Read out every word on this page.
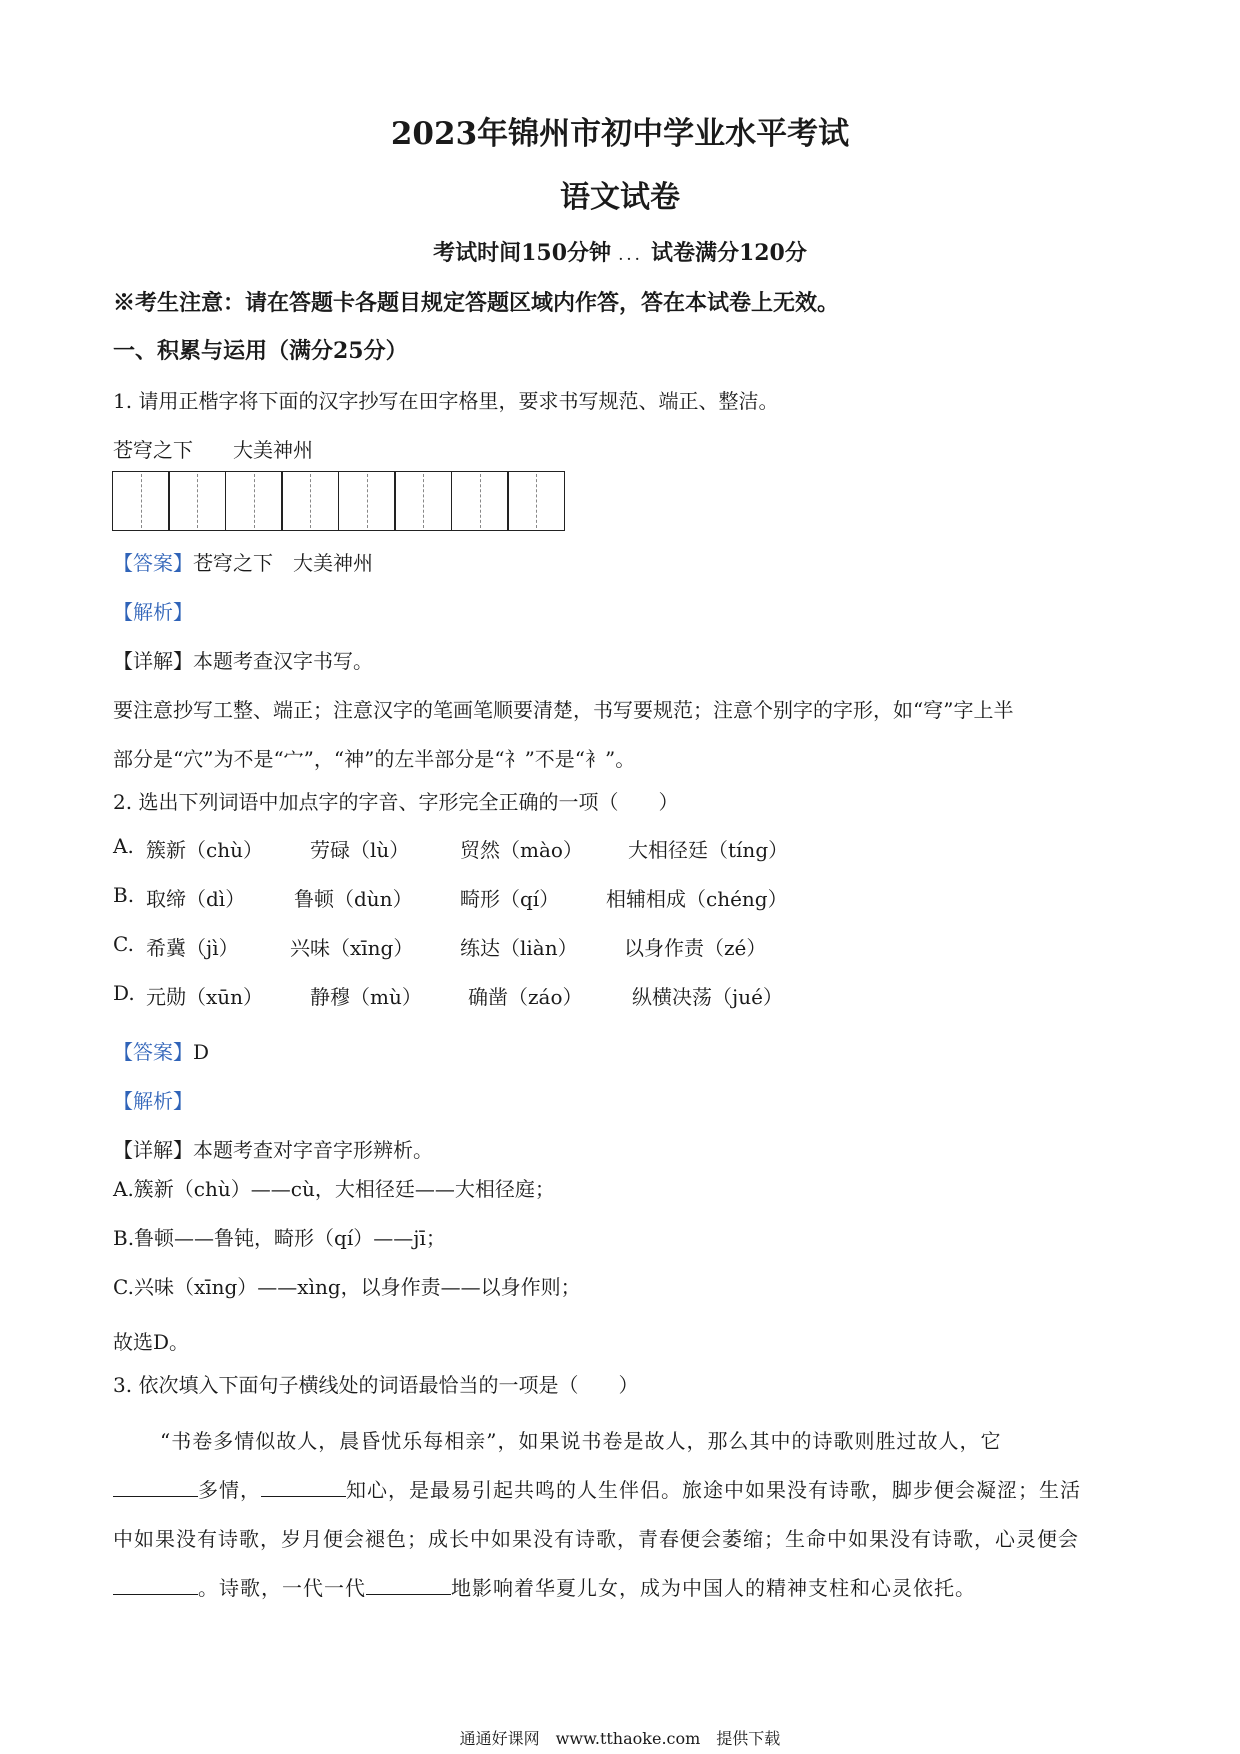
2023年锦州市初中学业水平考试
语文试卷
考试时间150分钟 ... 试卷满分120分
※考生注意：请在答题卡各题目规定答题区域内作答，答在本试卷上无效。
一、积累与运用（满分25分）
1. 请用正楷字将下面的汉字抄写在田字格里，要求书写规范、端正、整洁。
苍穹之下　　大美神州
【答案】苍穹之下　大美神州
【解析】
【详解】本题考查汉字书写。
要注意抄写工整、端正；注意汉字的笔画笔顺要清楚，书写要规范；注意个别字的字形，如“穹”字上半
部分是“穴”为不是“宀”，“神”的左半部分是“礻”不是“衤”。
2. 选出下列词语中加点字的字音、字形完全正确的一项（　　）
A. 簇新（chù） 劳碌（lù）	贸然（mào） 大相径廷（tíng）
B. 取缔（dì） 鲁顿（dùn） 畸形（qí） 相辅相成（chéng）
C. 希冀（jì）	兴味（xīng） 练达（liàn） 以身作责（zé）
D. 元勋（xūn） 静穆（mù） 确凿（záo） 纵横决荡（jué）
【答案】D
【解析】
【详解】本题考查对字音字形辨析。
A.簇新（chù）——cù，大相径廷——大相径庭；
B.鲁顿——鲁钝，畸形（qí）——jī；
C.兴味（xīng）——xìng，以身作责——以身作则；
故选D。
3. 依次填入下面句子横线处的词语最恰当的一项是（　　）
“书卷多情似故人，晨昏忧乐每相亲”，如果说书卷是故人，那么其中的诗歌则胜过故人，它
多情，	知心，是最易引起共鸣的人生伴侣。旅途中如果没有诗歌，脚步便会凝涩；生活
中如果没有诗歌，岁月便会褪色；成长中如果没有诗歌，青春便会萎缩；生命中如果没有诗歌，心灵便会
。诗歌，一代一代	地影响着华夏儿女，成为中国人的精神支柱和心灵依托。
通通好课网　www.tthaoke.com　提供下载
